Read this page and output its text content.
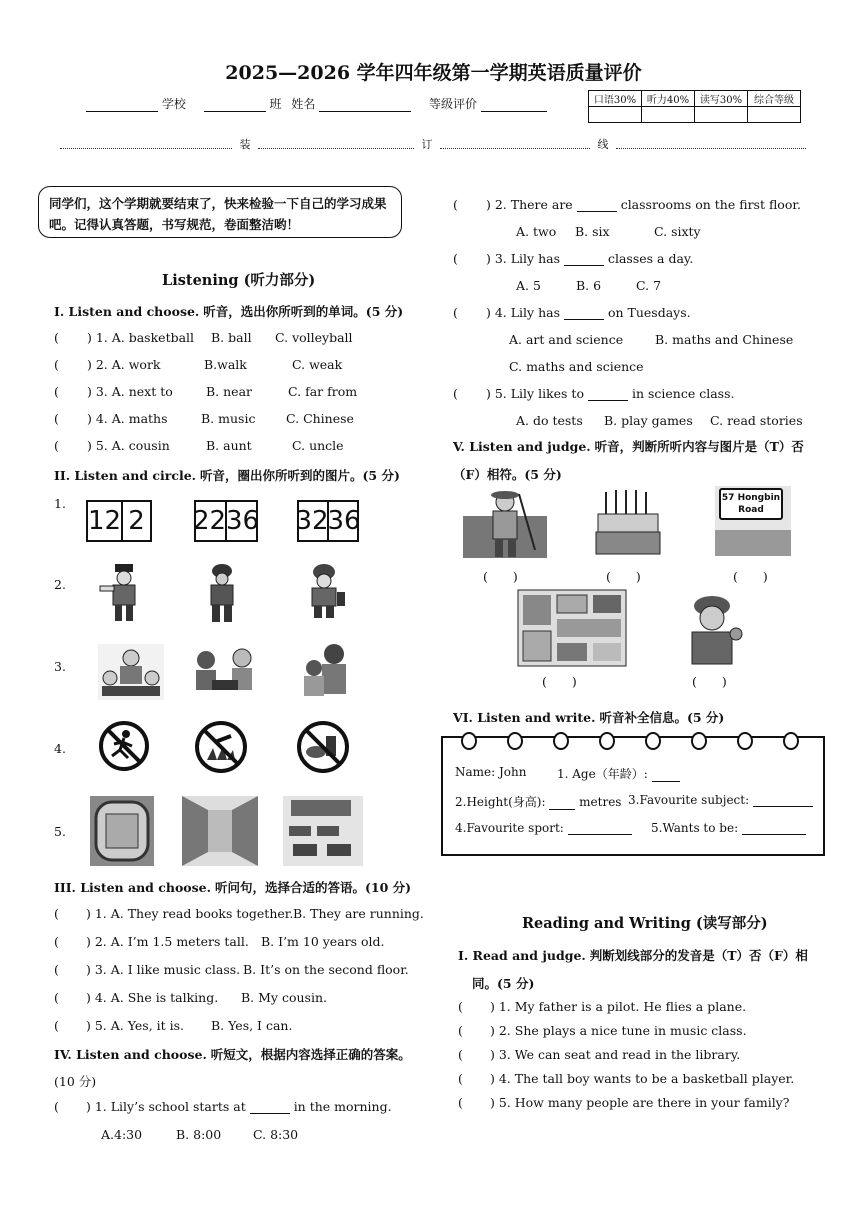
2025—2026 学年四年级第一学期英语质量评价
学校	班 姓名	等级评价	口语30%	听力40%	读写30%	综合等级

装	订	线
同学们，这个学期就要结束了，快来检验一下自己的学习成果吧。记得认真答题，书写规范，卷面整洁哟！
Listening (听力部分)
I. Listen and choose. 听音，选出你所听到的单词。(5 分)
( ) 1. A. basketball B. ball C. volleyball
( ) 2. A. work	B.walk	C. weak
( ) 3. A. next to	B. near	C. far from
( ) 4. A. maths	B. music C. Chinese
( ) 5. A. cousin	B. aunt	C. uncle
II. Listen and circle. 听音，圈出你所听到的图片。(5 分)
1.
2.
3.
4.
5.
12 2 22 36 32
36
III. Listen and choose. 听问句，选择合适的答语。(10 分)
( ) 1. A. They read books together. B. They are running.
( ) 2. A. I’m 1.5 meters tall. B. I’m 10 years old.
( ) 3. A. I like music class. B. It’s on the second floor.
( ) 4. A. She is talking. B. My cousin.
( ) 5. A. Yes, it is. B. Yes, I can.
IV. Listen and choose. 听短文，根据内容选择正确的答案。
(10 分)
( ) 1. Lily’s school starts at	in the morning.
A.4:30	B. 8:00	C. 8:30
( ) 2. There are	classrooms on the first floor.
A. two B. six	C. sixty
( ) 3. Lily has	classes a day.
A. 5	B. 6	C. 7
( ) 4. Lily has	on Tuesdays.
A. art and science	B. maths and Chinese
C. maths and science
( ) 5. Lily likes to	in science class.
A. do tests B. play games C. read stories
V. Listen and judge. 听音，判断所听内容与图片是（T）否
（F）相符。(5 分)
57 Hongbin Road
(　　)	(　　)	(　　)
(　　)	(　　)
VI. Listen and write. 听音补全信息。(5 分)
Name: John	1. Age（年龄）:
2.Height(身高):	metres 3.Favourite subject:
4.Favourite sport:	5.Wants to be:
Reading and Writing (读写部分)
I. Read and judge. 判断划线部分的发音是（T）否（F）相
同。(5 分)
( ) 1. My father is a pilot. He flies a plane.
( ) 2. She plays a nice tune in music class.
( ) 3. We can seat and read in the library.
( ) 4. The tall boy wants to be a basketball player.
( ) 5. How many people are there in your family?
